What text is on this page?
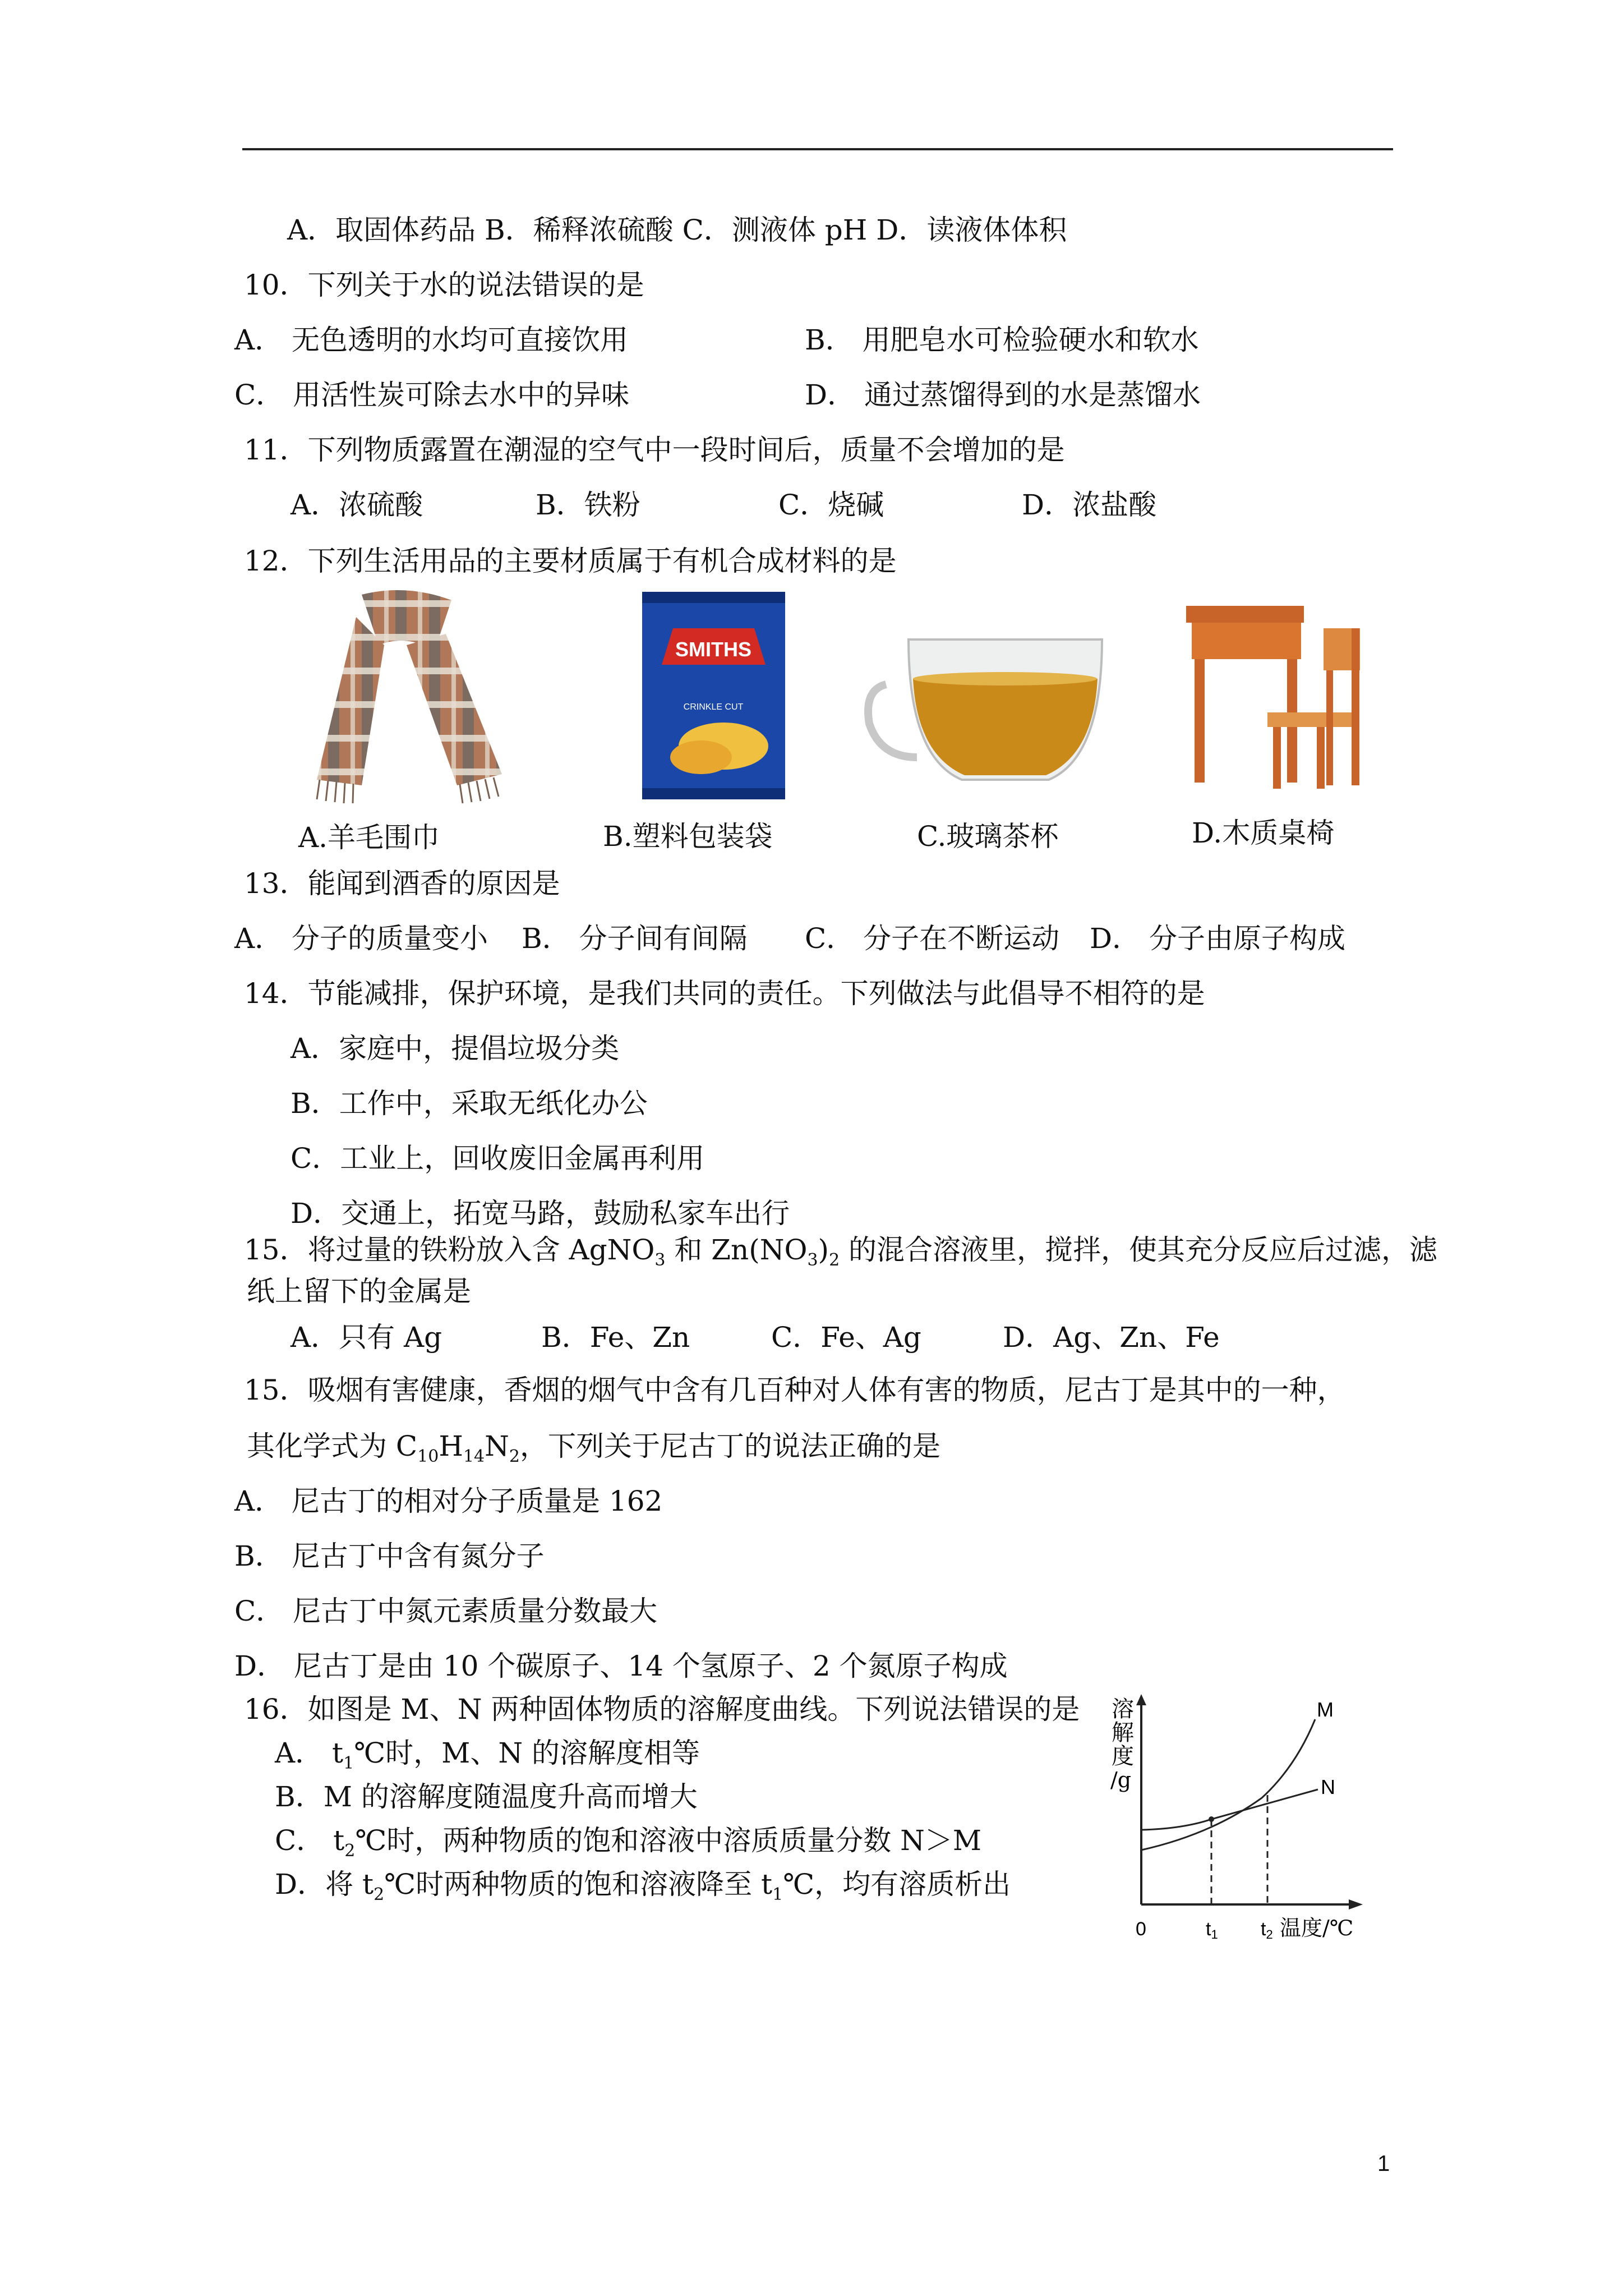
A．取固体药品 B．稀释浓硫酸 C．测液体 pH D．读液体体积
10．下列关于水的说法错误的是
A． 无色透明的水均可直接饮用	B． 用肥皂水可检验硬水和软水
C． 用活性炭可除去水中的异味	D． 通过蒸馏得到的水是蒸馏水
11．下列物质露置在潮湿的空气中一段时间后，质量不会增加的是
A．浓硫酸	B．铁粉	C．烧碱	D．浓盐酸
12．下列生活用品的主要材质属于有机合成材料的是
SMITHS
CRINKLE CUT
A.羊毛围巾	B.塑料包装袋	C.玻璃茶杯	D.木质桌椅
13．能闻到酒香的原因是
A． 分子的质量变小 B． 分子间有间隔 C． 分子在不断运动 D． 分子由原子构成
14．节能减排，保护环境，是我们共同的责任。下列做法与此倡导不相符的是
A．家庭中，提倡垃圾分类
B．工作中，采取无纸化办公
C．工业上，回收废旧金属再利用
D．交通上，拓宽马路，鼓励私家车出行
15．将过量的铁粉放入含 AgNO$_3$ 和 $Zn(NO_3)_2$ 的混合溶液里，搅拌，使其充分反应后过滤，滤
纸上留下的金属是
A．只有 Ag	B．Fe、Zn	C．Fe、Ag	D．Ag、Zn、Fe
15．吸烟有害健康，香烟的烟气中含有几百种对人体有害的物质，尼古丁是其中的一种，
其化学式为 $C_{10}H_{14}N_2$，下列关于尼古丁的说法正确的是
A． 尼古丁的相对分子质量是 162
B． 尼古丁中含有氮分子
C． 尼古丁中氮元素质量分数最大
D． 尼古丁是由 10 个碳原子、14 个氢原子、2 个氮原子构成
16．如图是 M、N 两种固体物质的溶解度曲线。下列说法错误的是
A． $t_1℃$时，M、N 的溶解度相等
B．M 的溶解度随温度升高而增大
C． $t_2℃$时，两种物质的饱和溶液中溶质质量分数 N＞M
D．将 $t_2℃$时两种物质的饱和溶液降至 $t_1℃$，均有溶质析出
溶
解
度
/g
M
N
0	t1 t2 温度/℃
1
